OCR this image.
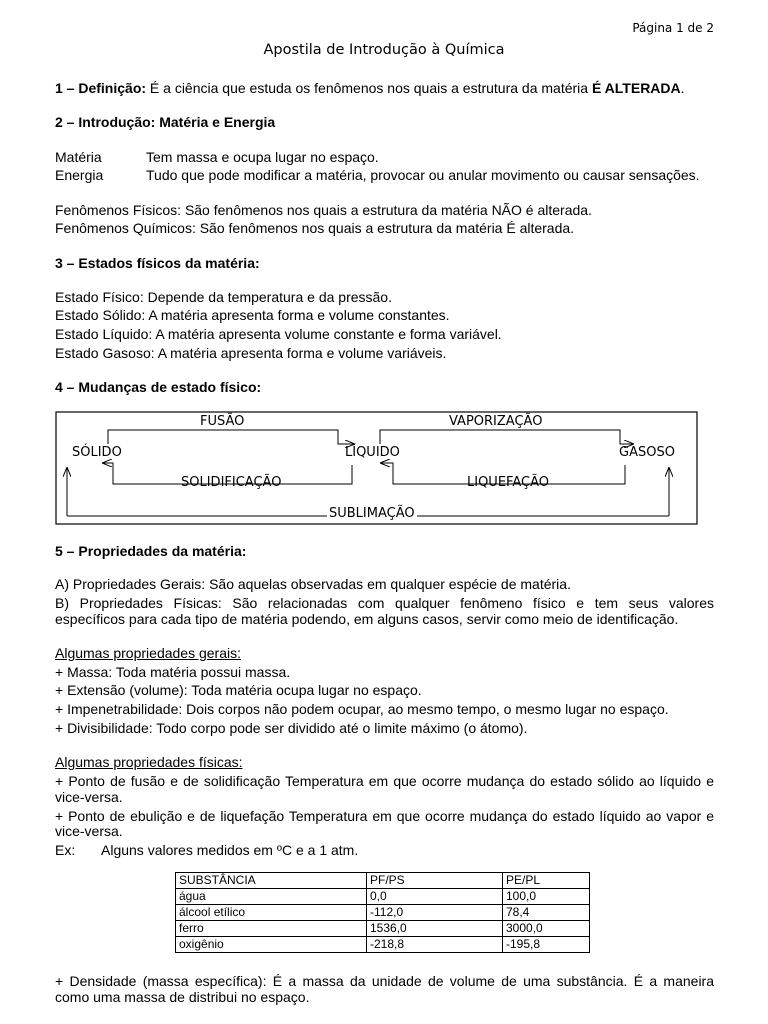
Página 1 de 2
Apostila de Introdução à Química
1 – Definição: É a ciência que estuda os fenômenos nos quais a estrutura da matéria É ALTERADA.
2 – Introdução: Matéria e Energia
Matéria	Tem massa e ocupa lugar no espaço.
Energia	Tudo que pode modificar a matéria, provocar ou anular movimento ou causar sensações.
Fenômenos Físicos: São fenômenos nos quais a estrutura da matéria NÃO é alterada.
Fenômenos Químicos: São fenômenos nos quais a estrutura da matéria É alterada.
3 – Estados físicos da matéria:
Estado Físico: Depende da temperatura e da pressão.
Estado Sólido: A matéria apresenta forma e volume constantes.
Estado Líquido: A matéria apresenta volume constante e forma variável.
Estado Gasoso: A matéria apresenta forma e volume variáveis.
4 – Mudanças de estado físico:
FUSÃO	VAPORIZAÇÃO
SÓLIDO	LÍQUIDO	GASOSO
SOLIDIFICAÇÃO	LIQUEFAÇÃO
SUBLIMAÇÃO
5 – Propriedades da matéria:
A) Propriedades Gerais: São aquelas observadas em qualquer espécie de matéria.
B) Propriedades Físicas: São relacionadas com qualquer fenômeno físico e tem seus valores
específicos para cada tipo de matéria podendo, em alguns casos, servir como meio de identificação.
Algumas propriedades gerais:
+ Massa: Toda matéria possui massa.
+ Extensão (volume): Toda matéria ocupa lugar no espaço.
+ Impenetrabilidade: Dois corpos não podem ocupar, ao mesmo tempo, o mesmo lugar no espaço.
+ Divisibilidade: Todo corpo pode ser dividido até o limite máximo (o átomo).
Algumas propriedades físicas:
+ Ponto de fusão e de solidificação Temperatura em que ocorre mudança do estado sólido ao líquido e
vice-versa.
+ Ponto de ebulição e de liquefação Temperatura em que ocorre mudança do estado líquido ao vapor e
vice-versa.
Ex: Alguns valores medidos em ºC e a 1 atm.
SUBSTÂNCIA	PF/PS	PE/PL
água	0,0	100,0
álcool etílico	-112,0	78,4
ferro	1536,0	3000,0
oxigênio	-218,8	-195,8
+ Densidade (massa específica): É a massa da unidade de volume de uma substância. É a maneira
como uma massa de distribui no espaço.
